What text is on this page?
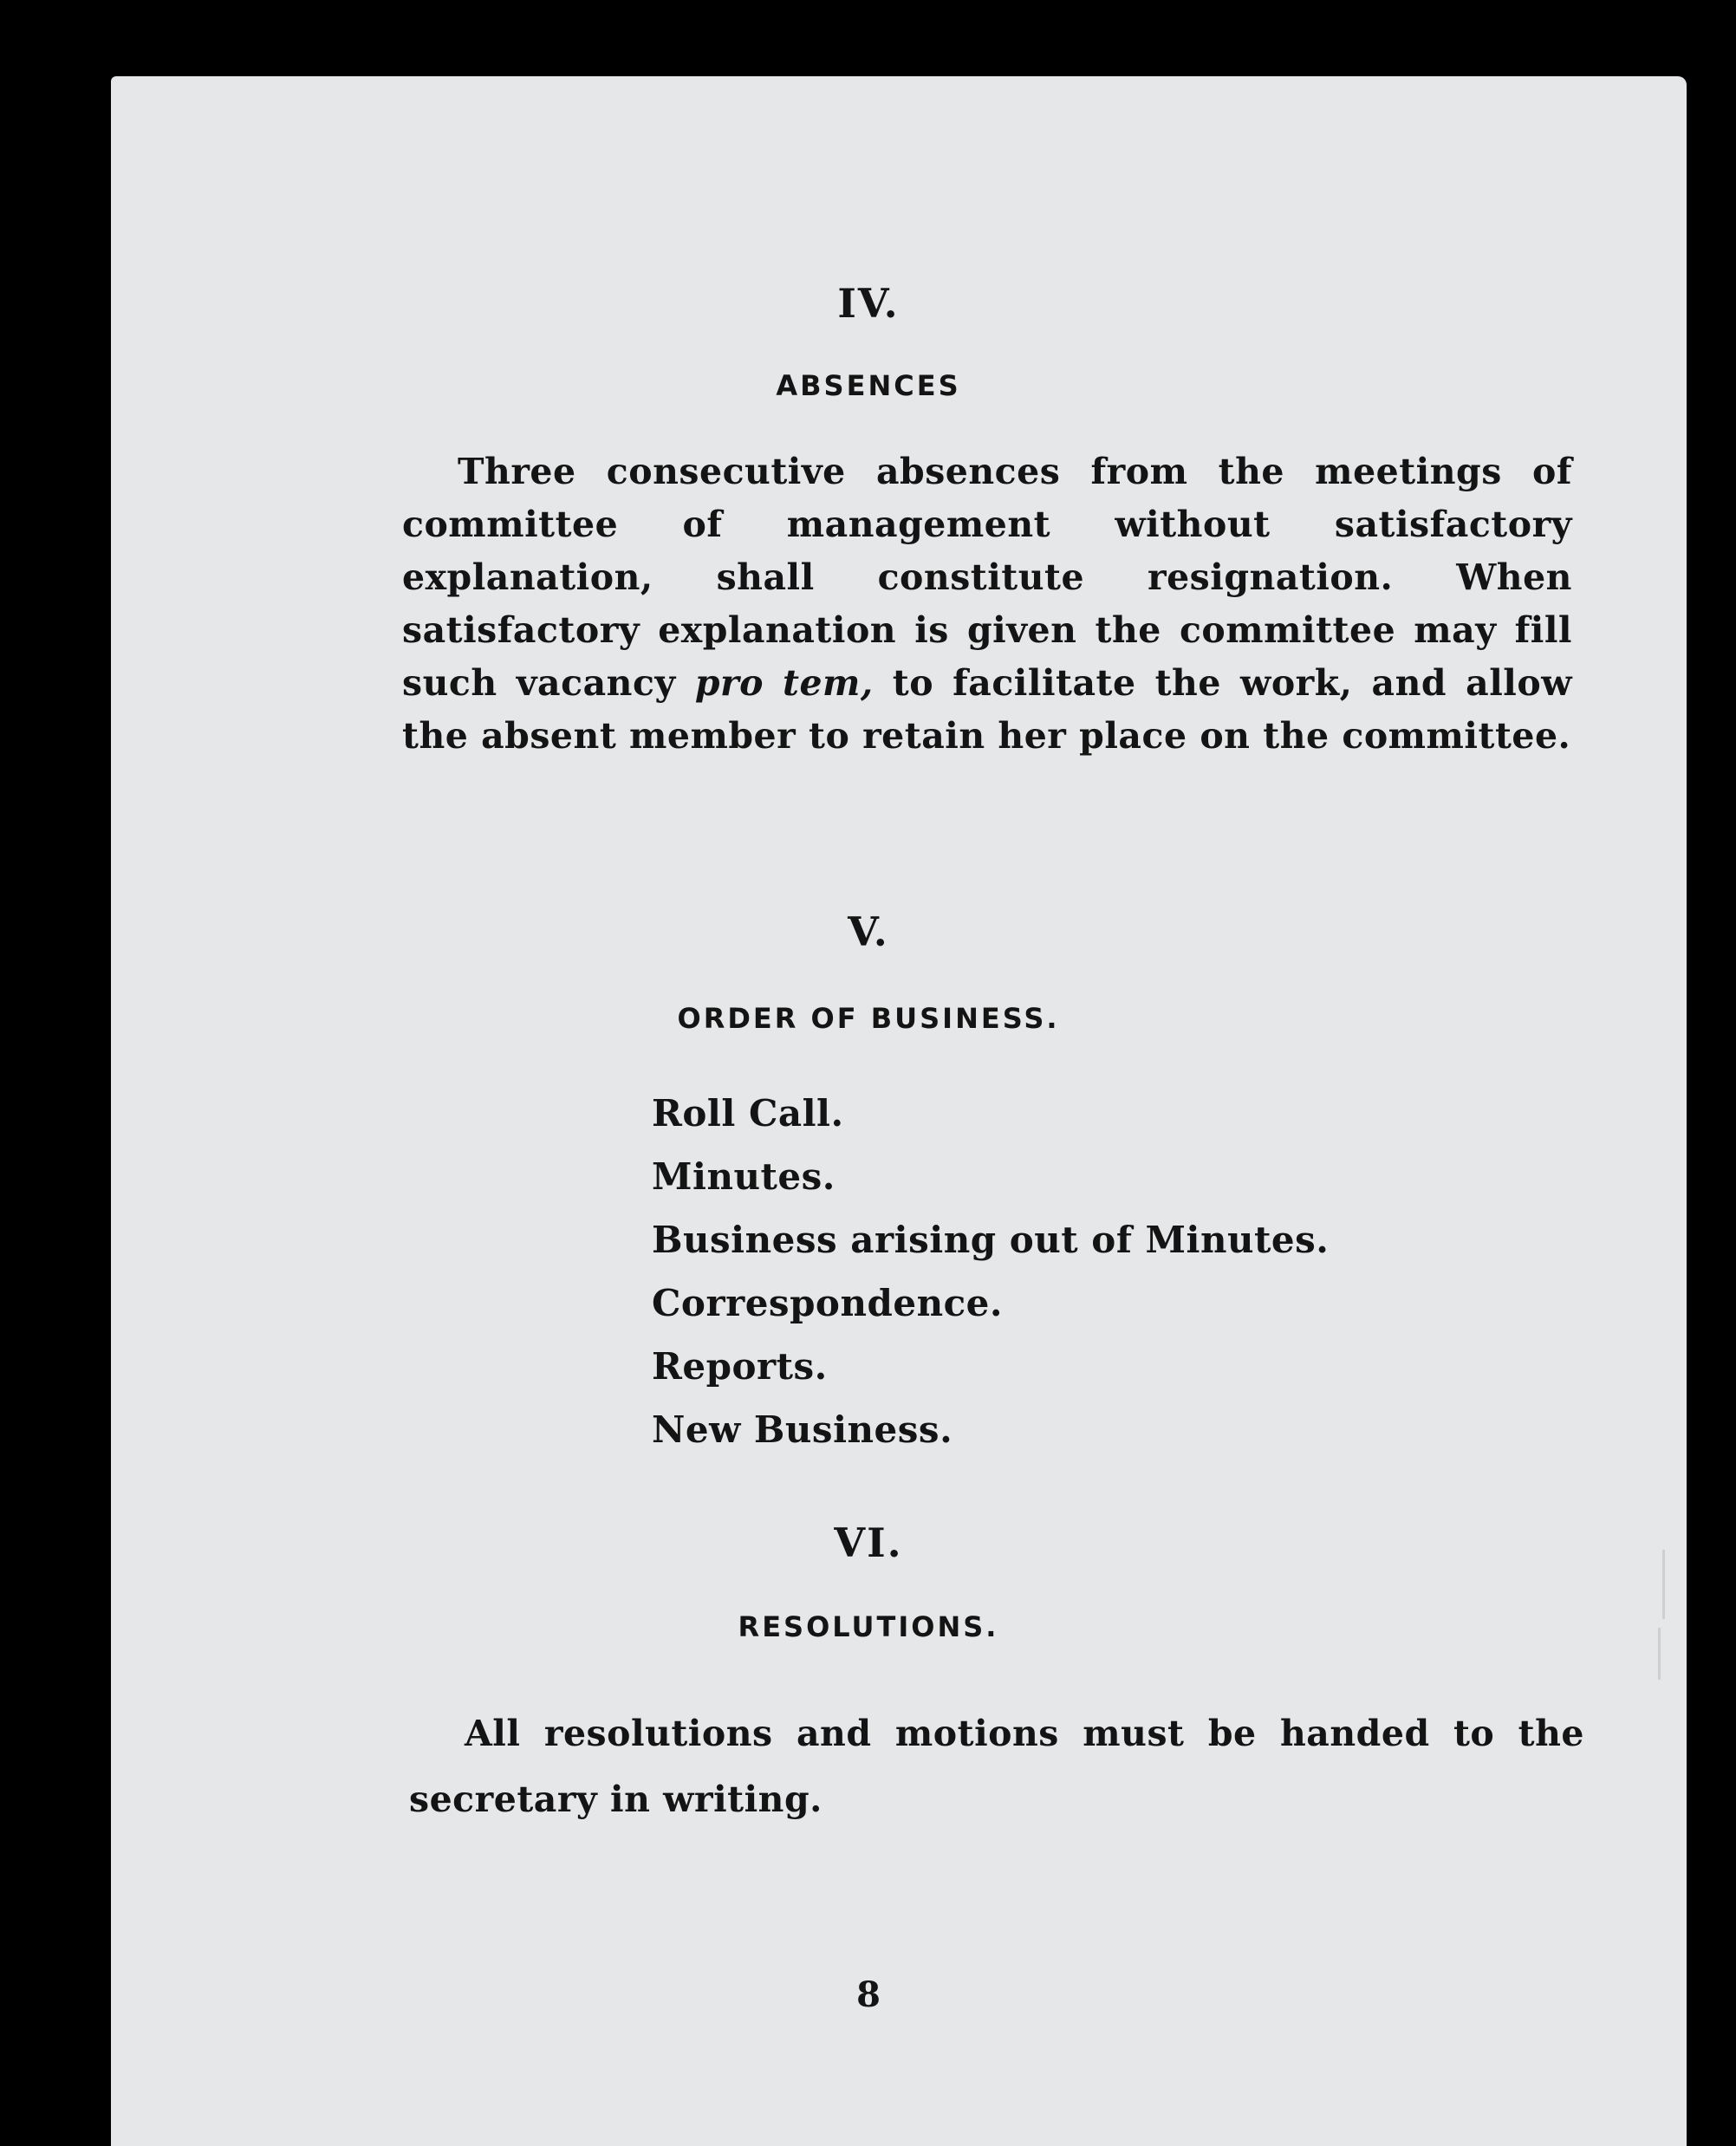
IV.
ABSENCES

Three consecutive absences from the meetings of committee of management without satisfactory explanation, shall constitute resignation. When satisfactory explanation is given the committee may fill such vacancy pro tem, to facilitate the work, and allow the absent member to retain her place on the committee.

V.
ORDER OF BUSINESS.
Roll Call.
Minutes.
Business arising out of Minutes.
Correspondence.
Reports.
New Business.
VI.
RESOLUTIONS.

All resolutions and motions must be handed to the secretary in writing.

8
